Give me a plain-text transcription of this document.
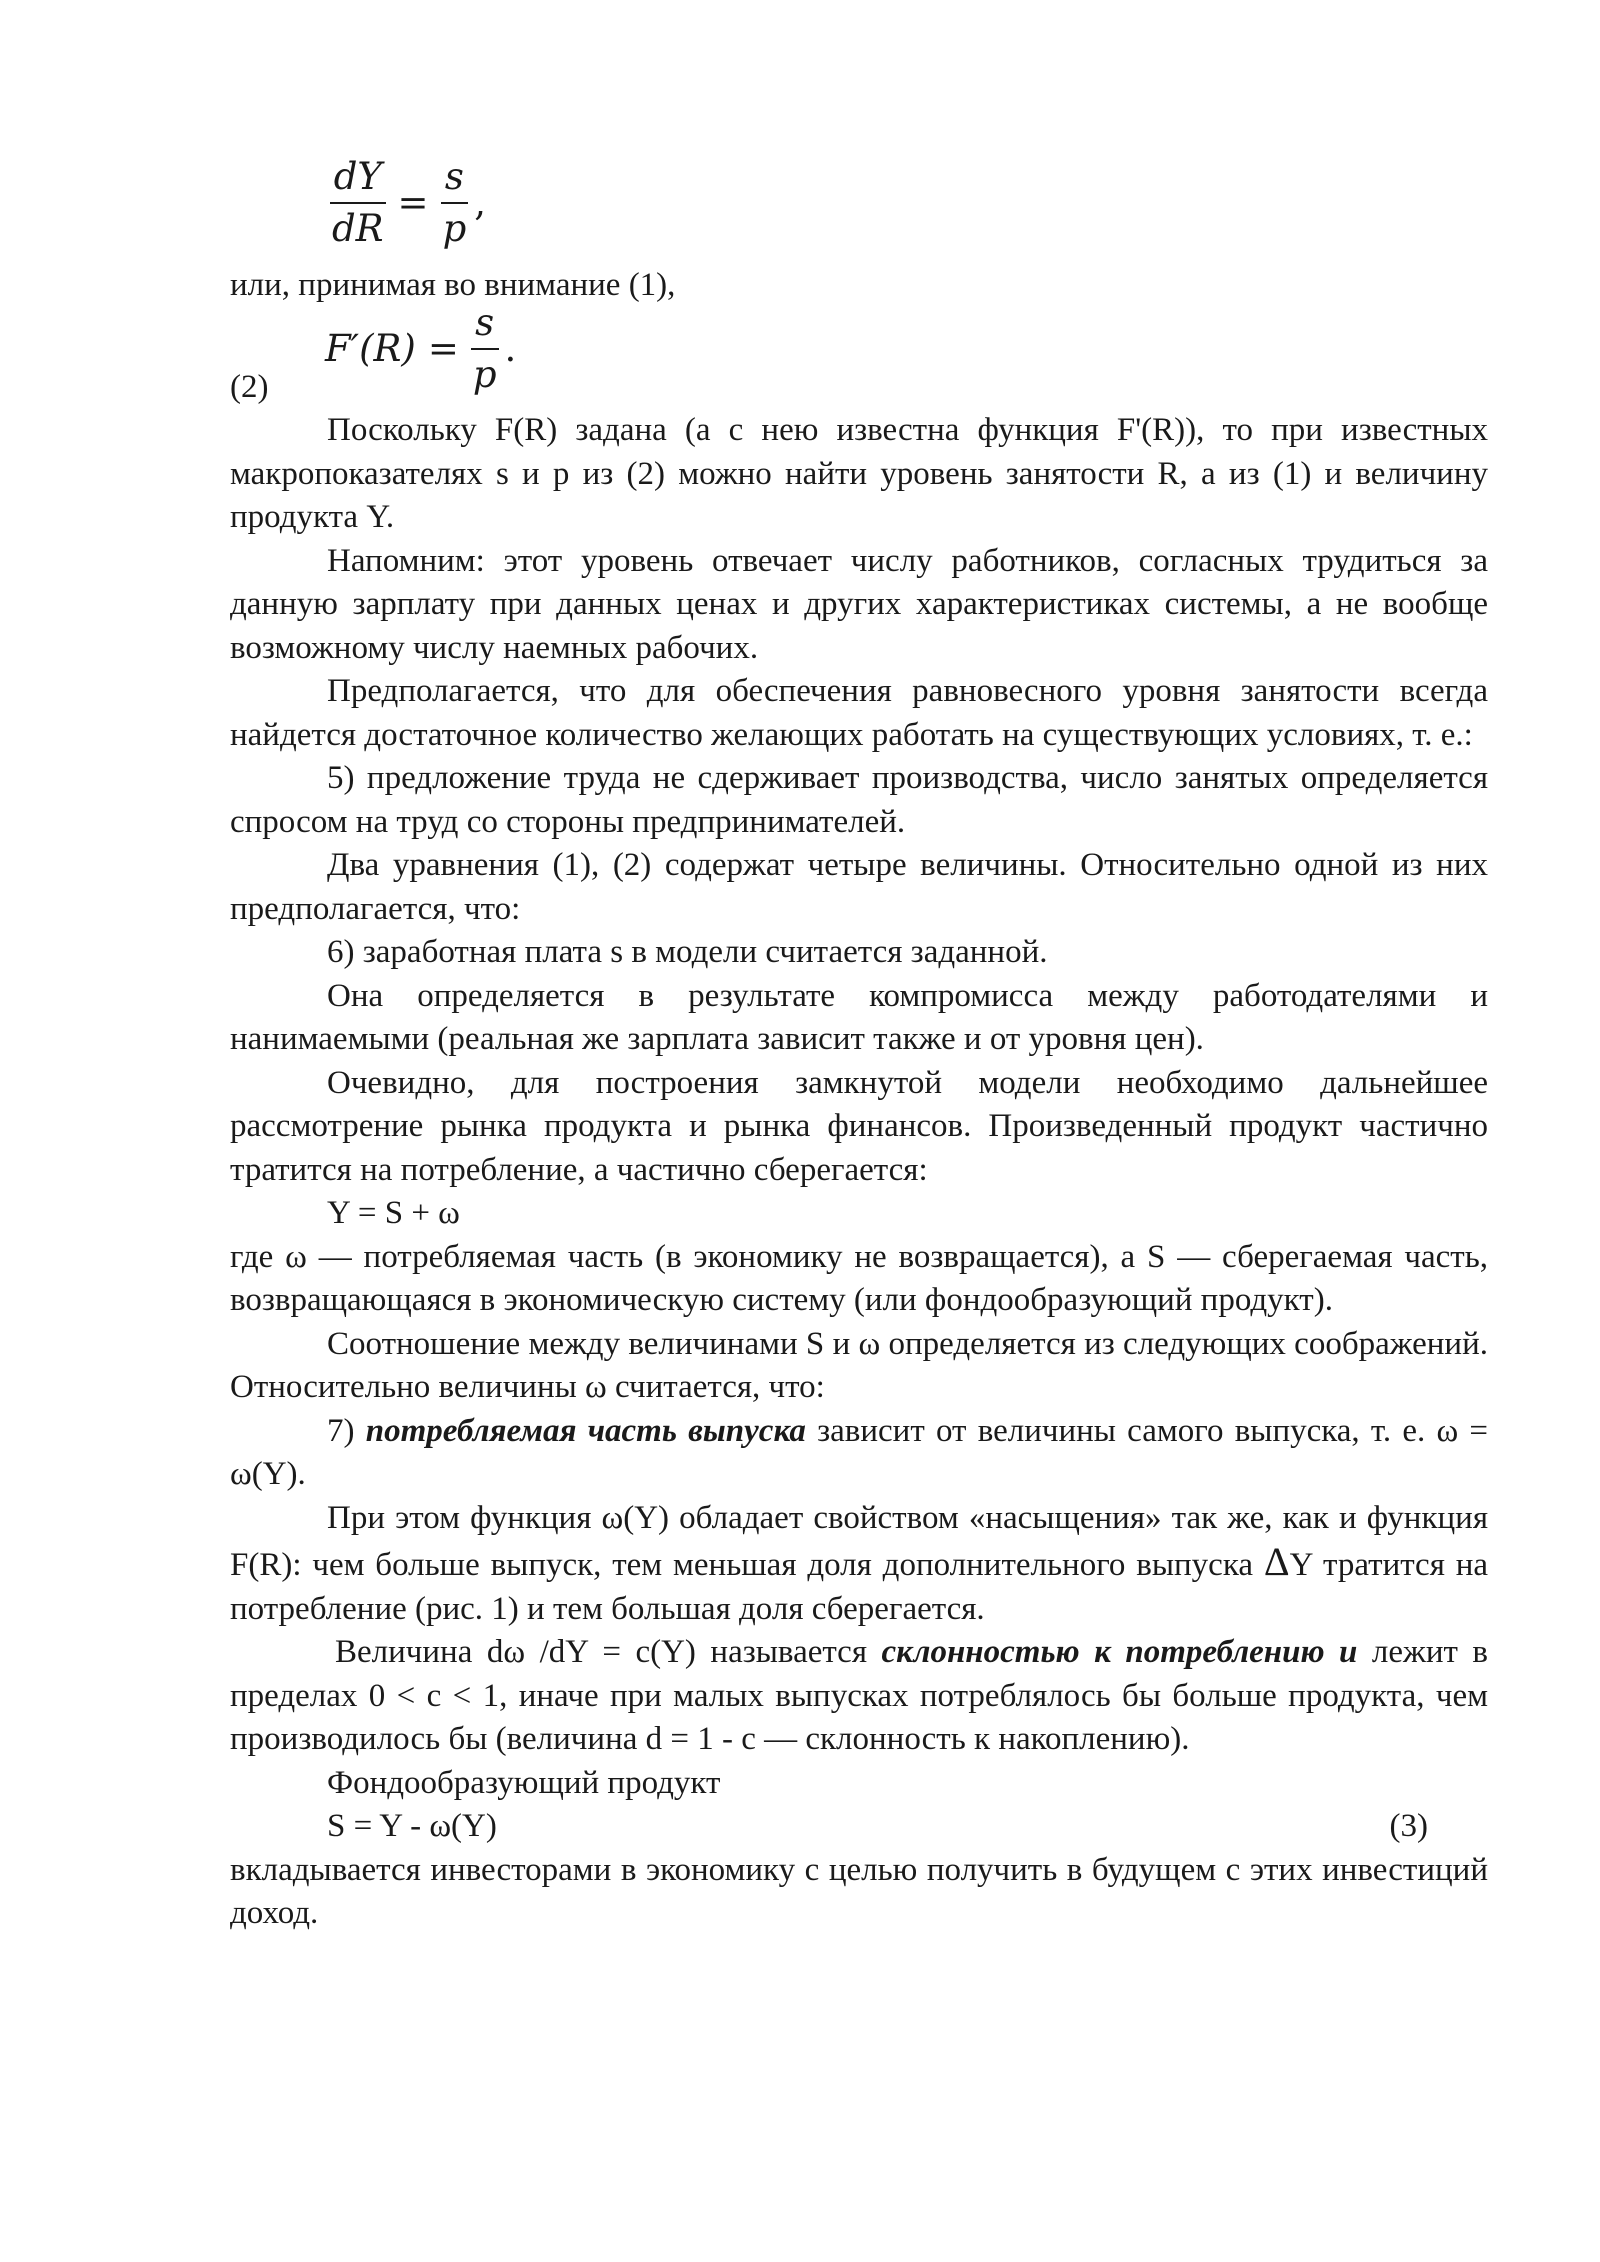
$\frac{dY}{dR} = \frac{s}{p}$ ,

или, принимая во внимание (1),

$F'(R) = \frac{s}{p}$ .

(2)

Поскольку F(R) задана (а с нею известна функция F'(R)), то при известных макропоказателях s и р из (2) можно найти уровень занятости R, а из (1) и величину продукта Y.

Напомним: этот уровень отвечает числу работников, согласных трудиться за данную зарплату при данных ценах и других характеристиках системы, а не вообще возможному числу наемных рабочих.

Предполагается, что для обеспечения равновесного уровня занятости всегда найдется достаточное количество желающих работать на существующих условиях, т. е.:

5) предложение труда не сдерживает производства, число занятых определяется спросом на труд со стороны предпринимателей.

Два уравнения (1), (2) содержат четыре величины. Относительно одной из них предполагается, что:

6) заработная плата s в модели считается заданной.

Она определяется в результате компромисса между работодателями и нанимаемыми (реальная же зарплата зависит также и от уровня цен).

Очевидно, для построения замкнутой модели необходимо дальнейшее рассмотрение рынка продукта и рынка финансов. Произведенный продукт частично тратится на потребление, а частично сберегается:

Y = S + ω

где ω — потребляемая часть (в экономику не возвращается), а S — сберегаемая часть, возвращающаяся в экономическую систему (или фондообразующий продукт).

Соотношение между величинами S и ω определяется из следующих соображений. Относительно величины ω считается, что:

7) потребляемая часть выпуска зависит от величины самого выпуска, т. е. ω = ω(Y).

При этом функция ω(Y) обладает свойством «насыщения» так же, как и функция F(R): чем больше выпуск, тем меньшая доля дополнительного выпуска ΔY тратится на потребление (рис. 1) и тем большая доля сберегается.

Величина dω /dY = c(Y) называется склонностью к потреблению и лежит в пределах 0 < c < 1, иначе при малых выпусках потреблялось бы больше продукта, чем производилось бы (величина d = 1 - c — склонность к накоплению).

Фондообразующий продукт

S = Y - ω(Y)	(3)

вкладывается инвесторами в экономику с целью получить в будущем с этих инвестиций доход.
